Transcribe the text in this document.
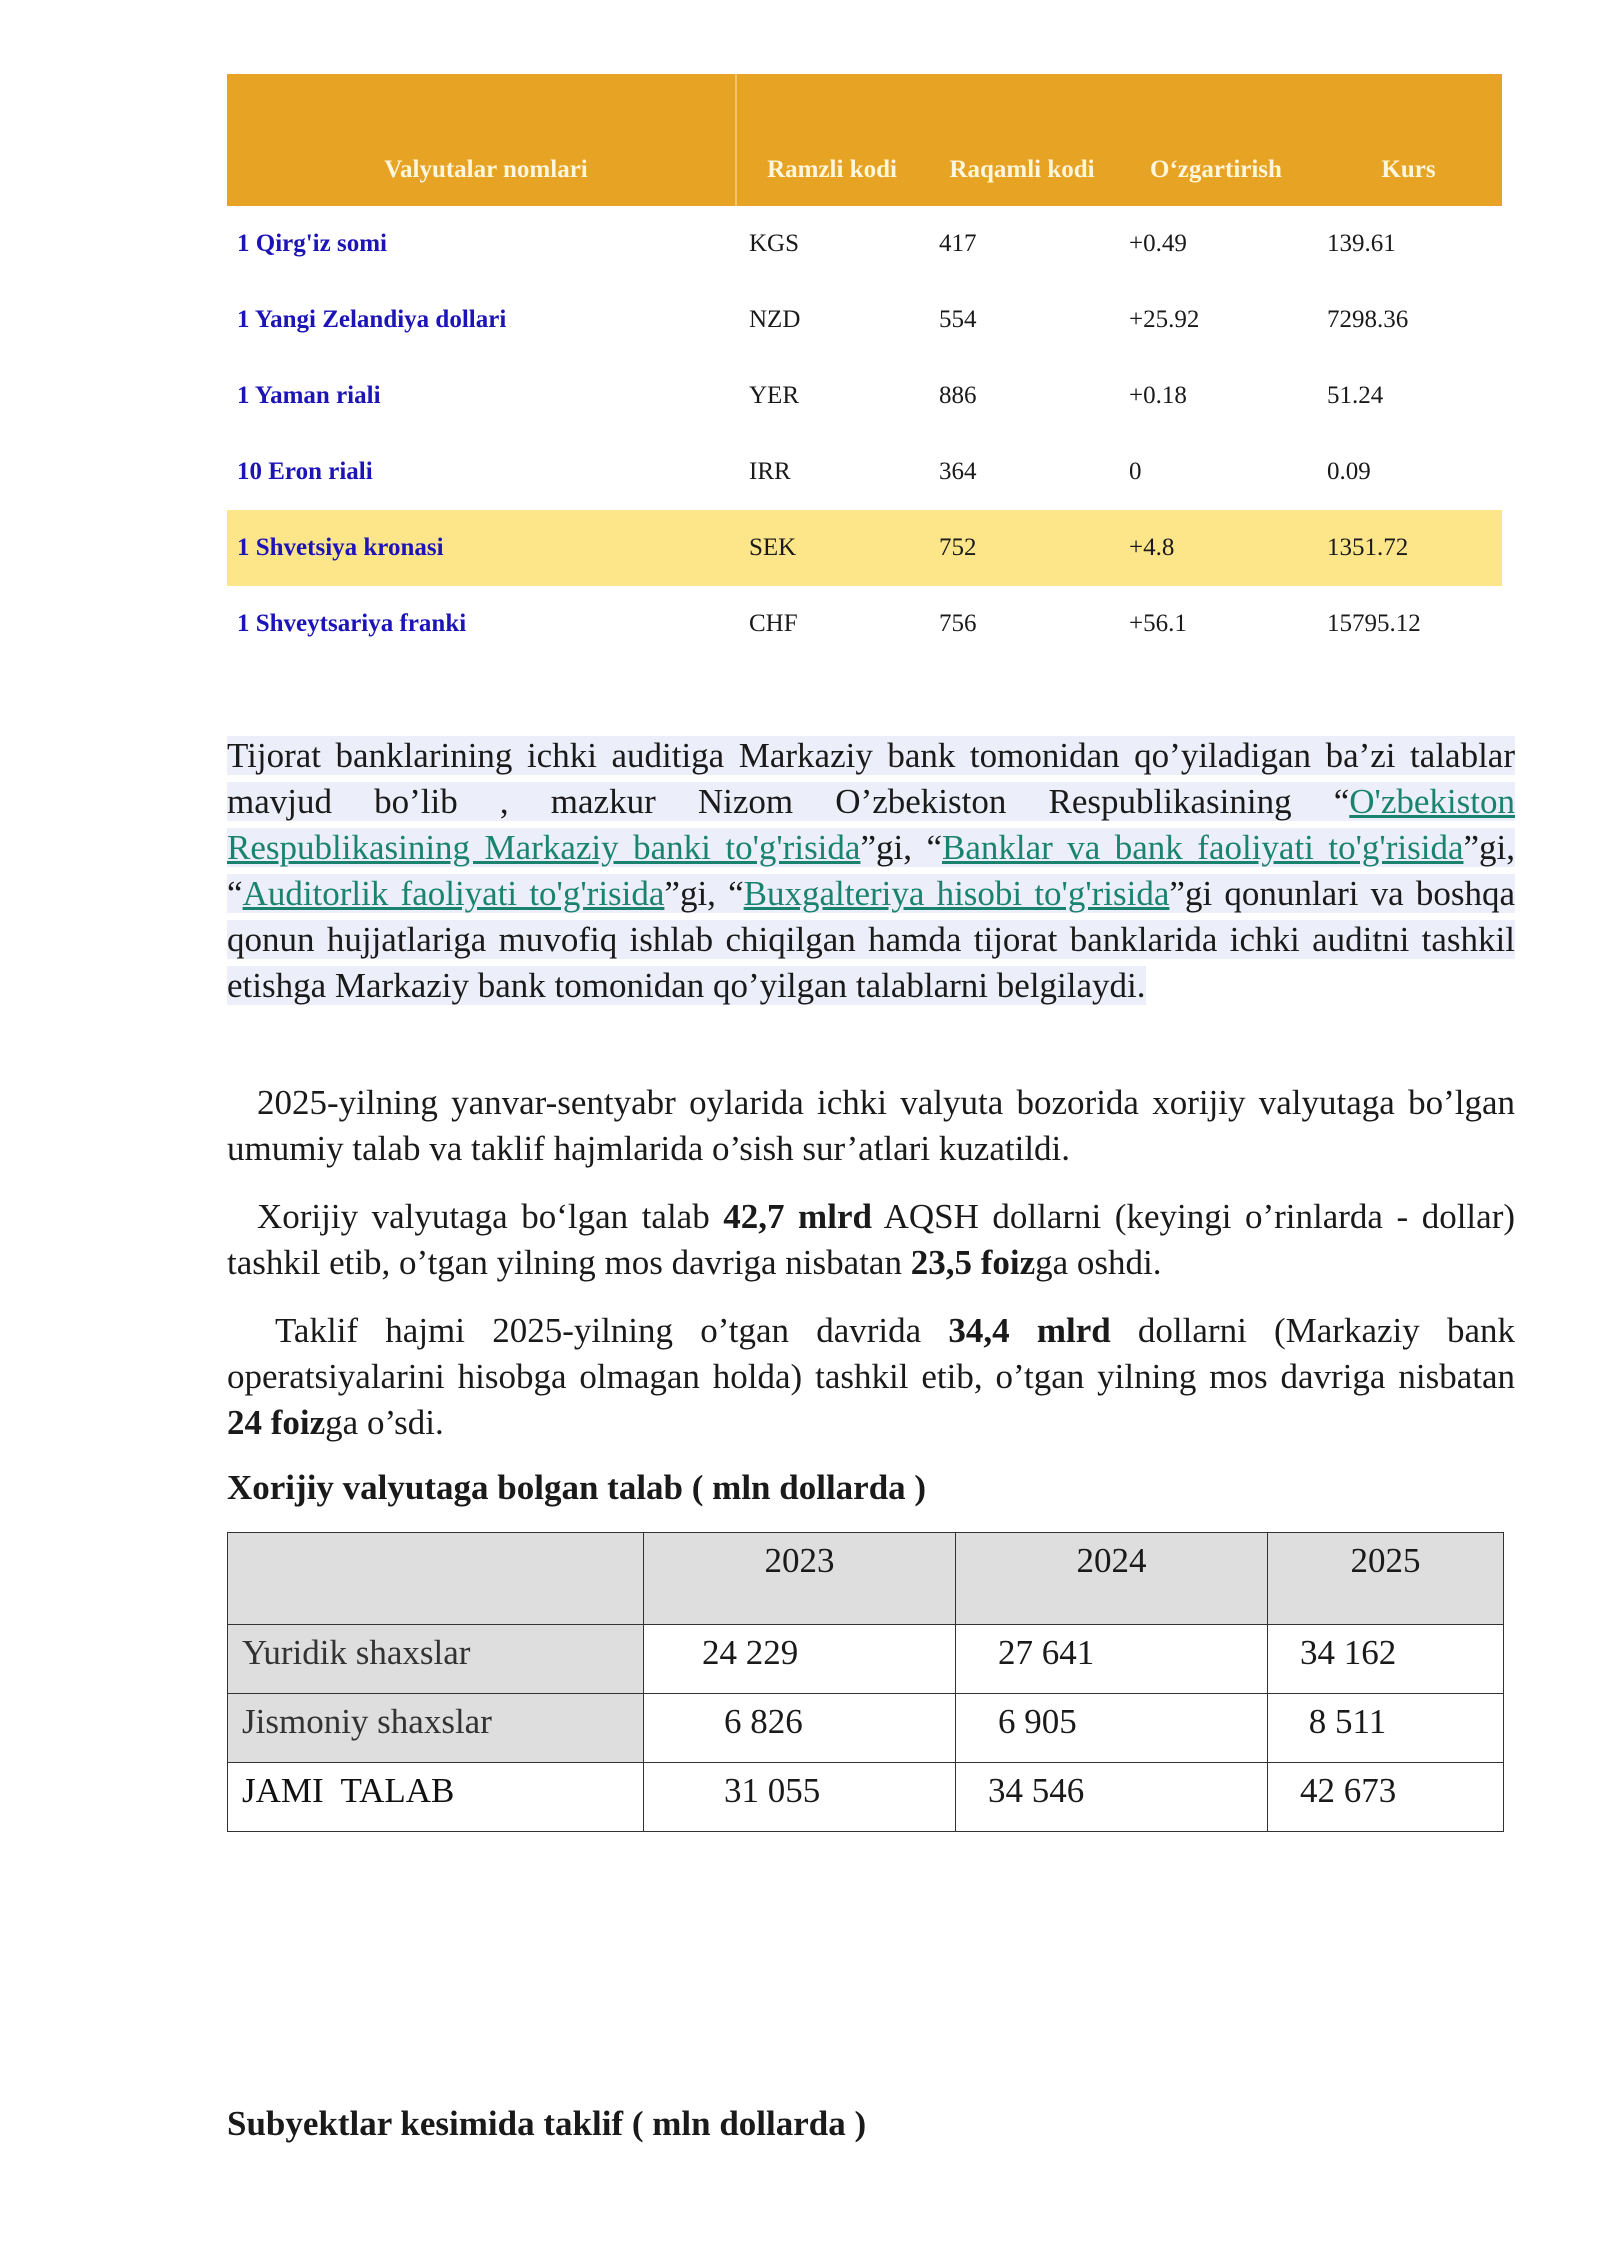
Valyutalar nomlari	Ramzli kodi	Raqamli kodi	O‘zgartirish	Kurs
1 Qirg'iz somi	KGS	417	+0.49	139.61
1 Yangi Zelandiya dollari	NZD	554	+25.92	7298.36
1 Yaman riali	YER	886	+0.18	51.24
10 Eron riali	IRR	364	0	0.09
1 Shvetsiya kronasi	SEK	752	+4.8	1351.72
1 Shveytsariya franki	CHF	756	+56.1	15795.12
Tijorat banklarining ichki auditiga Markaziy bank tomonidan qo’yiladigan ba’zi talablar mavjud bo’lib , mazkur Nizom O’zbekiston Respublikasining “O'zbekiston Respublikasining Markaziy banki to'g'risida”gi, “Banklar va bank faoliyati to'g'risida”gi, “Auditorlik faoliyati to'g'risida”gi, “Buxgalteriya hisobi to'g'risida”gi qonunlari va boshqa qonun hujjatlariga muvofiq ishlab chiqilgan hamda tijorat banklarida ichki auditni tashkil etishga Markaziy bank tomonidan qo’yilgan talablarni belgilaydi.
2025-yilning yanvar-sentyabr oylarida ichki valyuta bozorida xorijiy valyutaga bo’lgan umumiy talab va taklif hajmlarida o’sish sur’atlari kuzatildi.
Xorijiy valyutaga bo‘lgan talab 42,7 mlrd AQSH dollarni (keyingi o’rinlarda - dollar) tashkil etib, o’tgan yilning mos davriga nisbatan 23,5 foizga oshdi.
Taklif hajmi 2025-yilning o’tgan davrida 34,4 mlrd dollarni (Markaziy bank operatsiyalarini hisobga olmagan holda) tashkil etib, o’tgan yilning mos davriga nisbatan 24 foizga o’sdi.
Xorijiy valyutaga bolgan talab ( mln dollarda )
	2023	2024	2025
Yuridik shaxslar	24 229	27 641	34 162
Jismoniy shaxslar	6 826	6 905	8 511
JAMI  TALAB	31 055	34 546	42 673
Subyektlar kesimida taklif ( mln dollarda )
